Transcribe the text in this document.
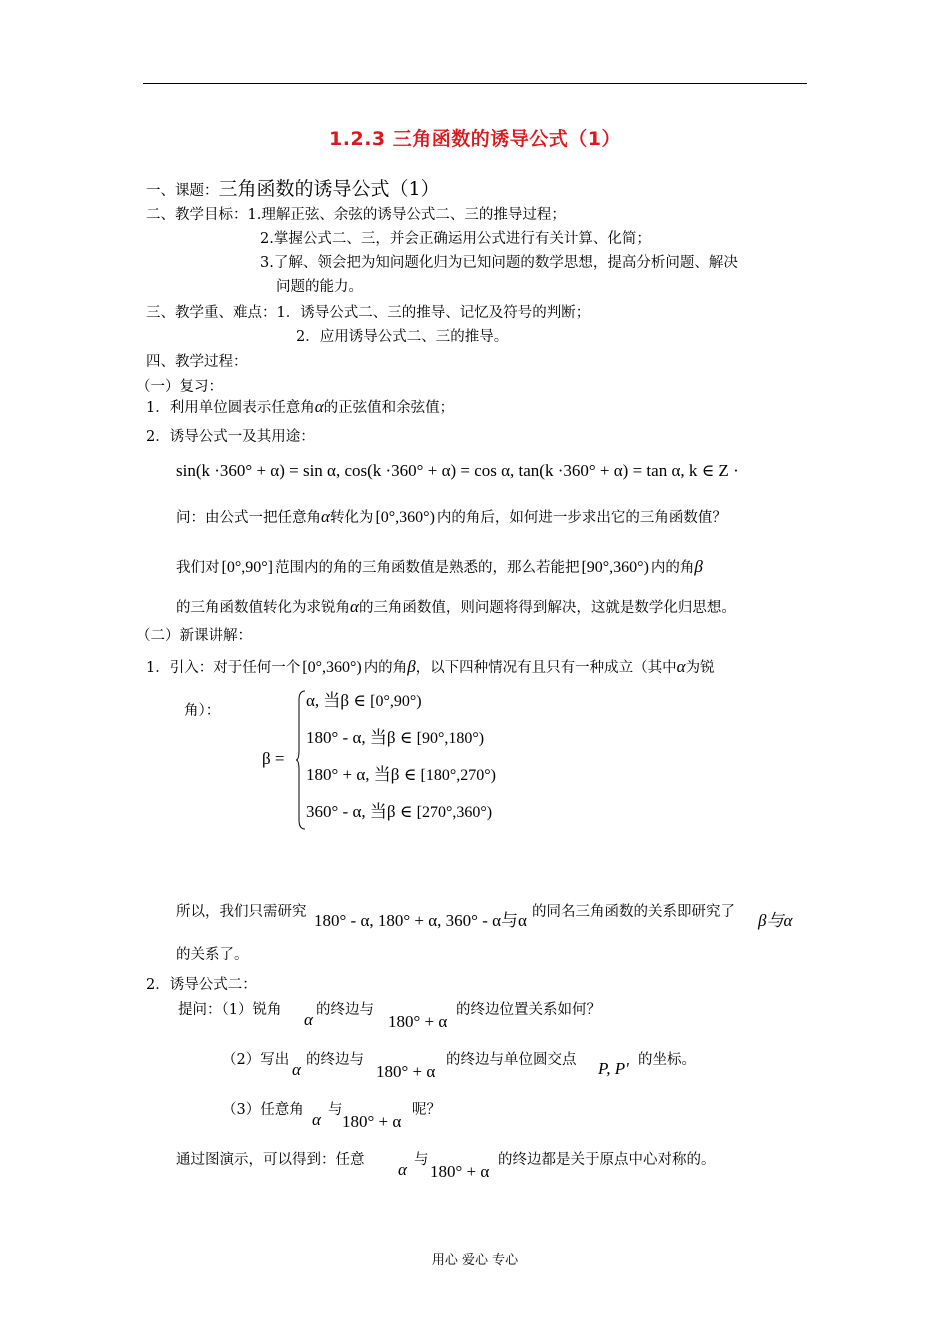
1.2.3 三角函数的诱导公式（1）
一、课题：三角函数的诱导公式（1）
二、教学目标：1.理解正弦、余弦的诱导公式二、三的推导过程；
2.掌握公式二、三，并会正确运用公式进行有关计算、化简；
3.了解、领会把为知问题化归为已知问题的数学思想，提高分析问题、解决
问题的能力。
三、教学重、难点：1．诱导公式二、三的推导、记忆及符号的判断；
2．应用诱导公式二、三的推导。
四、教学过程：
（一）复习：
1．利用单位圆表示任意角α的正弦值和余弦值；
2．诱导公式一及其用途：
sin(k ·360° + α) = sin α, cos(k ·360° + α) = cos α, tan(k ·360° + α) = tan α, k ∈ Z ·
问：由公式一把任意角α转化为 [0°,360°) 内的角后，如何进一步求出它的三角函数值？
我们对 [0°,90°] 范围内的角的三角函数值是熟悉的，那么若能把 [90°,360°) 内的角β
的三角函数值转化为求锐角α的三角函数值，则问题将得到解决，这就是数学化归思想。
（二）新课讲解：
1．引入：对于任何一个 [0°,360°) 内的角β，以下四种情况有且只有一种成立（其中α为锐
角）：
β =
α, 当β ∈ [0°,90°)
180° - α, 当β ∈ [90°,180°)
180° + α, 当β ∈ [180°,270°)
360° - α, 当β ∈ [270°,360°)
所以，我们只需研究 180° - α, 180° + α, 360° - α与α 的同名三角函数的关系即研究了 β与α
的关系了。
2．诱导公式二：
提问：（1）锐角 α 的终边与
180° + α
的终边位置关系如何？
（2）写出 α 的终边与
180° + α
的终边与单位圆交点 P, P' 的坐标。
（3）任意角 α 与
180° + α
呢？
通过图演示，可以得到：任意 α 与
180° + α
的终边都是关于原点中心对称的。
用心 爱心 专心
